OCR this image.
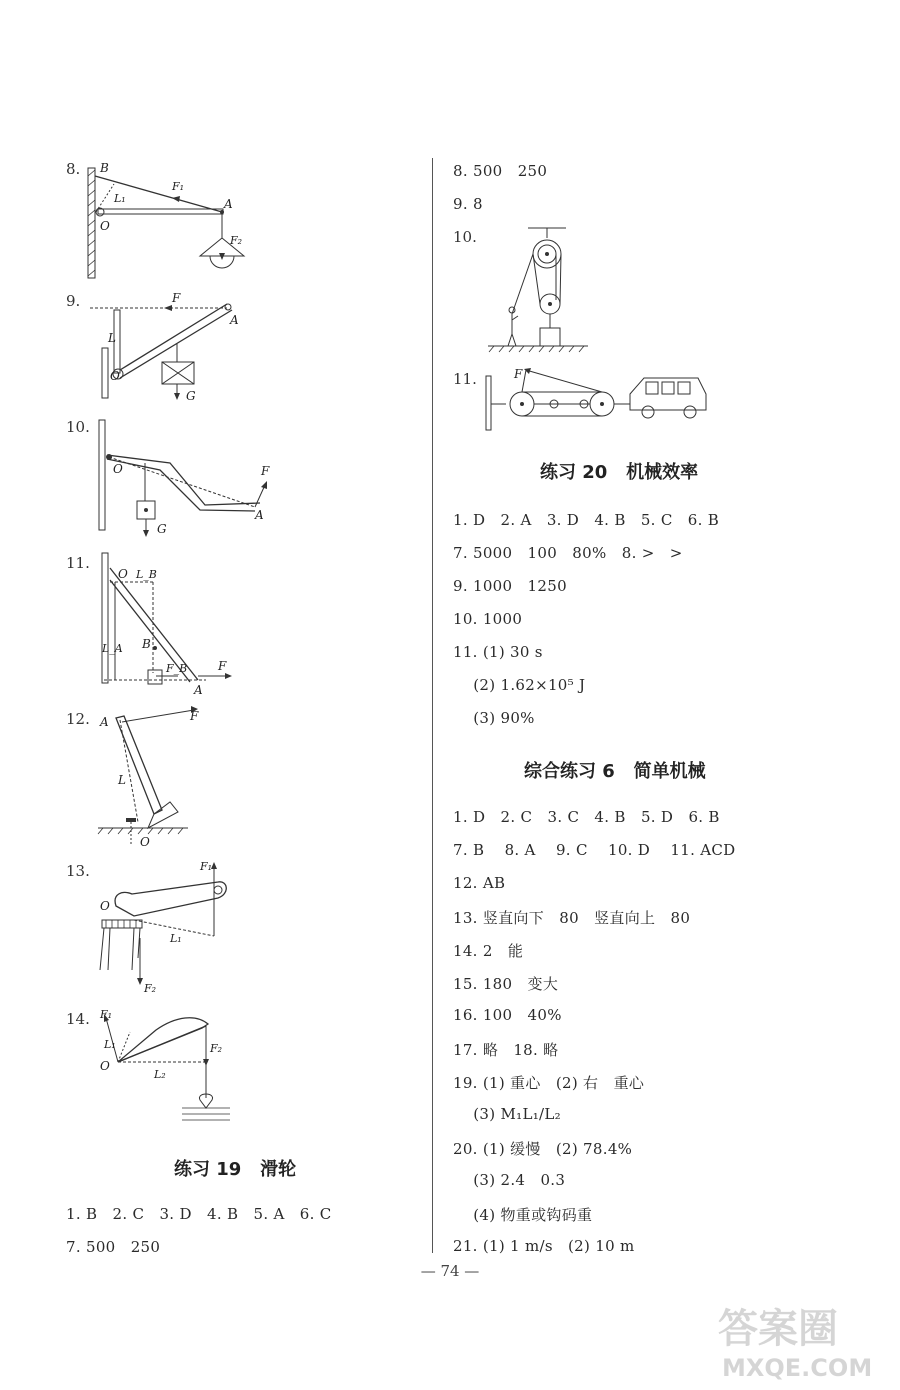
8. B
A
O
L₁
F₁
F₂
9.	F
A
L
O
G
10.
O	F
A
G
11.
O L_B
B
L_A
F_B	F
A
12. A	F
L
O
13.
O
F₁
L₁
F₂
14. F₁
L₁
O
L₂
F₂
练习 19   滑轮
1. B   2. C   3. D   4. B   5. A   6. C
7. 500   250
8. 500   250
9. 8
10.
11.	F
练习 20   机械效率
1. D   2. A   3. D   4. B   5. C   6. B
7. 5000   100   80%   8. >   >
9. 1000   1250
10. 1000
11. (1) 30 s
(2) 1.62×10⁵ J
(3) 90%
综合练习 6   简单机械
1. D   2. C   3. C   4. B   5. D   6. B
7. B    8. A    9. C    10. D    11. ACD
12. AB
13. 竖直向下   80   竖直向上   80
14. 2   能
15. 180   变大
16. 100   40%
17. 略   18. 略
19. (1) 重心   (2) 右   重心
(3) M₁L₁/L₂
20. (1) 缓慢   (2) 78.4%
(3) 2.4   0.3
(4) 物重或钩码重
21. (1) 1 m/s   (2) 10 m
— 74 —
答案圈
MXQE.COM
